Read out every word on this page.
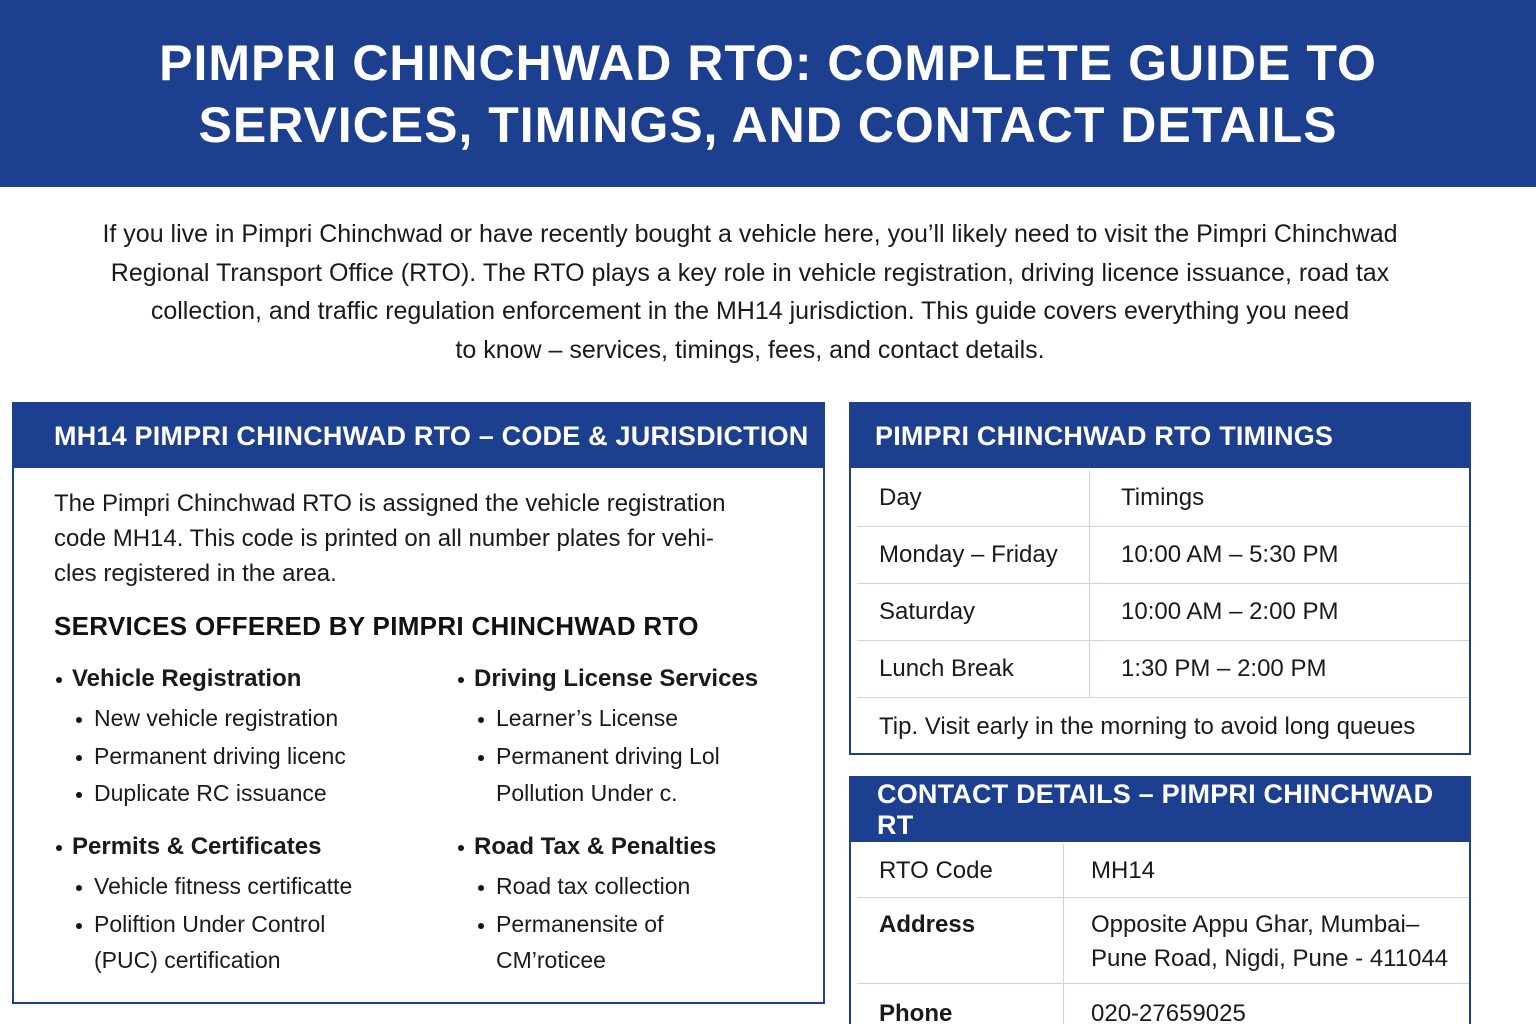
PIMPRI CHINCHWAD RTO: COMPLETE GUIDE TO
SERVICES, TIMINGS, AND CONTACT DETAILS
If you live in Pimpri Chinchwad or have recently bought a vehicle here, you’ll likely need to visit the Pimpri Chinchwad
Regional Transport Office (RTO). The RTO plays a key role in vehicle registration, driving licence issuance, road tax
collection, and traffic regulation enforcement in the MH14 jurisdiction. This guide covers everything you need
to know – services, timings, fees, and contact details.
MH14 PIMPRI CHINCHWAD RTO – CODE & JURISDICTION
The Pimpri Chinchwad RTO is assigned the vehicle registration
code MH14. This code is printed on all number plates for vehi-
cles registered in the area.
SERVICES OFFERED BY PIMPRI CHINCHWAD RTO
Vehicle Registration
New vehicle registration
Permanent driving licenc
Duplicate RC issuance
Driving License Services
Learner’s License
Permanent driving Lol
Pollution Under c.
Permits & Certificates
Vehicle fitness certificatte
Poliftion Under Control
(PUC) certification
Road Tax & Penalties
Road tax collection
Permanensite of
CM’roticee
PIMPRI CHINCHWAD RTO TIMINGS
Day	Timings
Monday – Friday	10:00 AM – 5:30 PM
Saturday	10:00 AM – 2:00 PM
Lunch Break	1:30 PM – 2:00 PM
Tip. Visit early in the morning to avoid long queues
CONTACT DETAILS – PIMPRI CHINCHWAD RT
RTO Code	MH14
Address	Opposite Appu Ghar, Mumbai–
Pune Road, Nigdi, Pune - 411044
Phone	020-27659025
